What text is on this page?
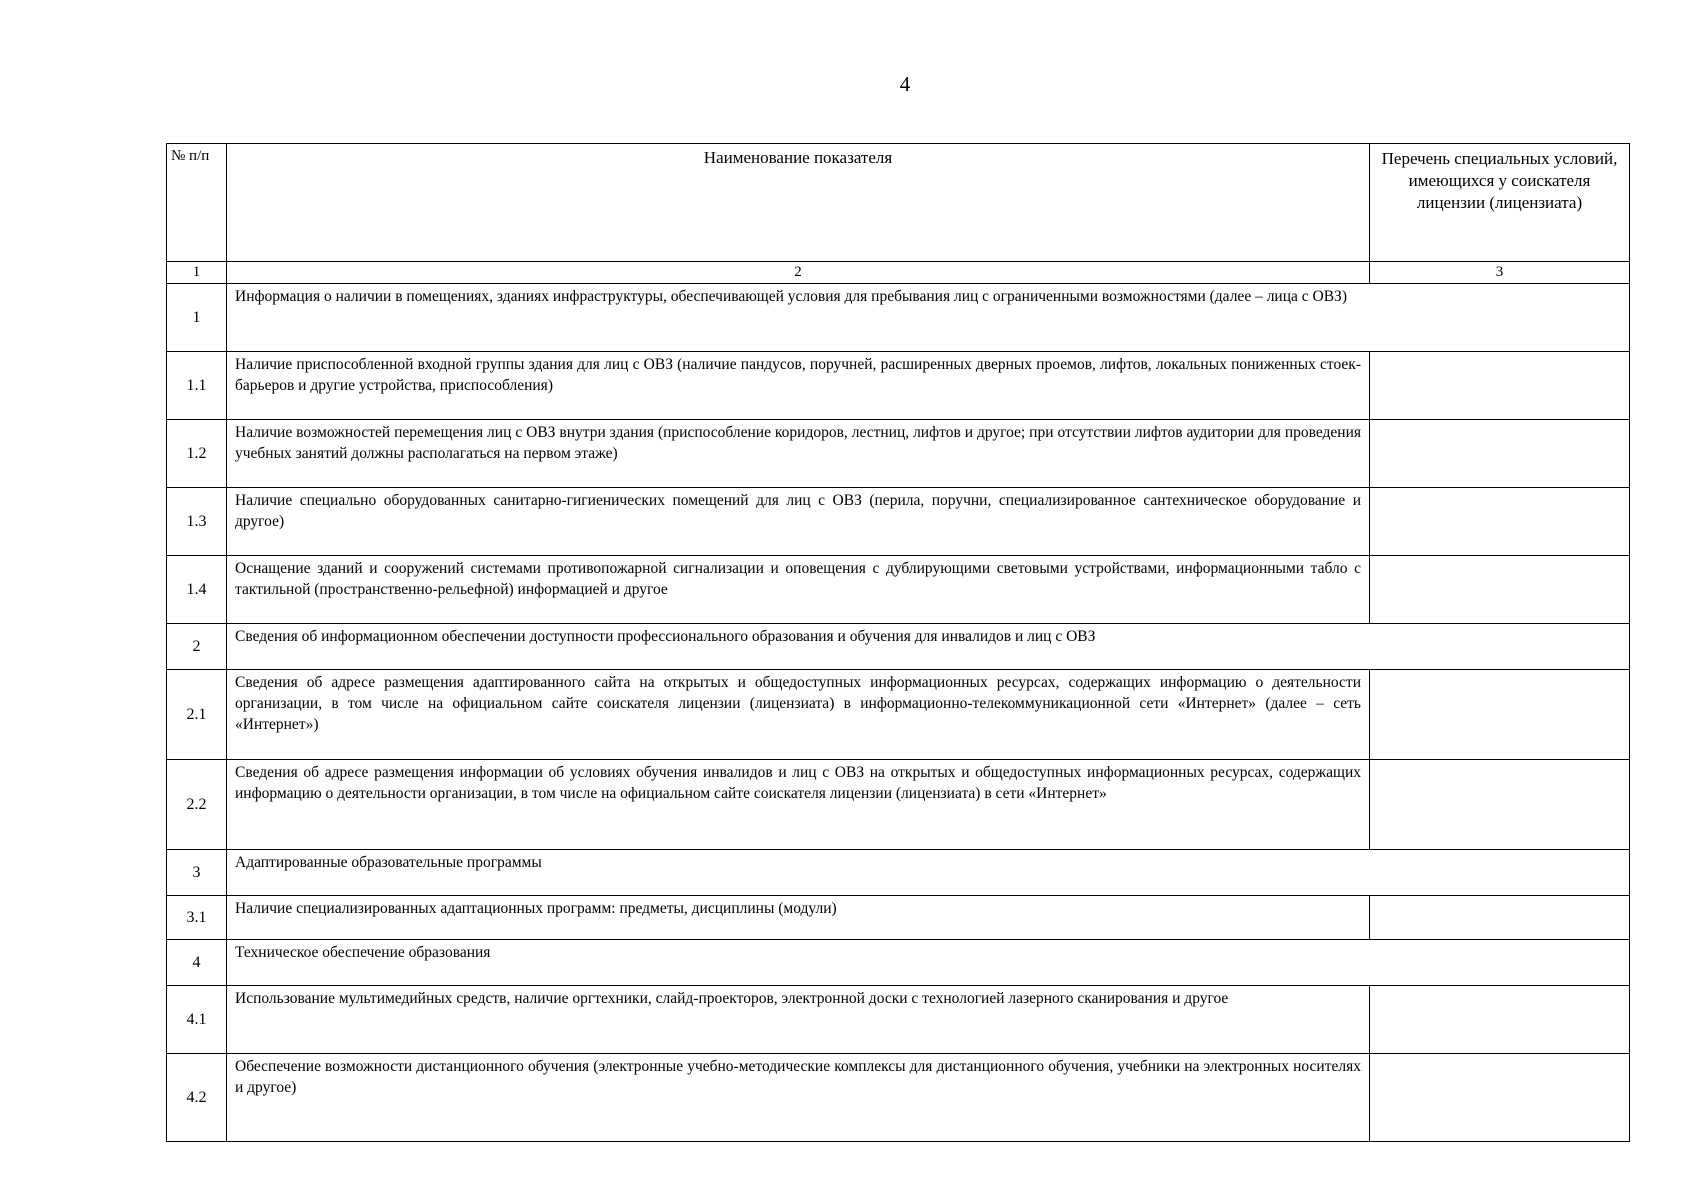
4
№ п/п	Наименование показателя	Перечень специальных условий, имеющихся у соискателя лицензии (лицензиата)
1	2	3
1	Информация о наличии в помещениях, зданиях инфраструктуры, обеспечивающей условия для пребывания лиц с ограниченными возможностями (далее – лица с ОВЗ)	
1.1	Наличие приспособленной входной группы здания для лиц с ОВЗ (наличие пандусов, поручней, расширенных дверных проемов, лифтов, локальных пониженных стоек-барьеров и другие устройства, приспособления)	
1.2	Наличие возможностей перемещения лиц с ОВЗ внутри здания (приспособление коридоров, лестниц, лифтов и другое; при отсутствии лифтов аудитории для проведения учебных занятий должны располагаться на первом этаже)	
1.3	Наличие специально оборудованных санитарно-гигиенических помещений для лиц с ОВЗ (перила, поручни, специализированное сантехническое оборудование и другое)	
1.4	Оснащение зданий и сооружений системами противопожарной сигнализации и оповещения с дублирующими световыми устройствами, информационными табло с тактильной (пространственно-рельефной) информацией и другое	
2	Сведения об информационном обеспечении доступности профессионального образования и обучения для инвалидов и лиц с ОВЗ	
2.1	Сведения об адресе размещения адаптированного сайта на открытых и общедоступных информационных ресурсах, содержащих информацию о деятельности организации, в том числе на официальном сайте соискателя лицензии (лицензиата) в информационно-телекоммуникационной сети «Интернет» (далее – сеть «Интернет»)	
2.2	Сведения об адресе размещения информации об условиях обучения инвалидов и лиц с ОВЗ на открытых и общедоступных информационных ресурсах, содержащих информацию о деятельности организации, в том числе на официальном сайте соискателя лицензии (лицензиата) в сети «Интернет»	
3	Адаптированные образовательные программы	
3.1	Наличие специализированных адаптационных программ: предметы, дисциплины (модули)	
4	Техническое обеспечение образования	
4.1	Использование мультимедийных средств, наличие оргтехники, слайд-проекторов, электронной доски с технологией лазерного сканирования и другое	
4.2	Обеспечение возможности дистанционного обучения (электронные учебно-методические комплексы для дистанционного обучения, учебники на электронных носителях и другое)	
